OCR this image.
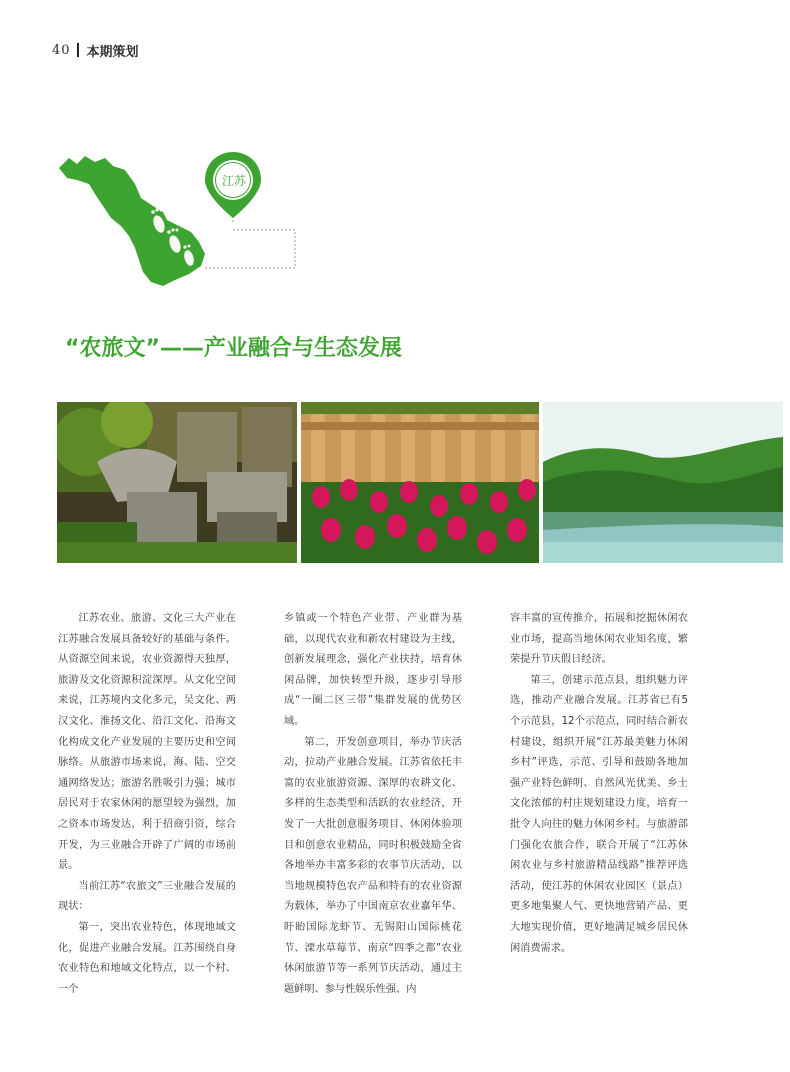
40 本期策划
江苏
“农旅文”——产业融合与生态发展

江苏农业、旅游、文化三大产业在江苏融合发展具备较好的基础与条件。从资源空间来说，农业资源得天独厚，旅游及文化资源积淀深厚。从文化空间来说，江苏境内文化多元，吴文化、两汉文化、淮扬文化、沿江文化、沿海文化构成文化产业发展的主要历史和空间脉络。从旅游市场来说，海、陆、空交通网络发达；旅游名胜吸引力强；城市居民对于农家休闲的愿望较为强烈，加之资本市场发达，利于招商引资，综合开发，为三业融合开辟了广阔的市场前景。

当前江苏“农旅文”三业融合发展的现状：

第一，突出农业特色，体现地域文化，促进产业融合发展。江苏围绕自身农业特色和地域文化特点，以一个村、一个

乡镇或一个特色产业带、产业群为基础，以现代农业和新农村建设为主线，创新发展理念，强化产业扶持，培育休闲品牌，加快转型升级，逐步引导形成“一圈二区三带”集群发展的优势区域。

第二，开发创意项目，举办节庆活动，拉动产业融合发展。江苏省依托丰富的农业旅游资源、深厚的农耕文化、多样的生态类型和活跃的农业经济，开发了一大批创意服务项目、休闲体验项目和创意农业精品，同时积极鼓励全省各地举办丰富多彩的农事节庆活动，以当地规模特色农产品和特有的农业资源为载体，举办了中国南京农业嘉年华、盱眙国际龙虾节、无锡阳山国际桃花节、溧水草莓节、南京“四季之都”农业休闲旅游节等一系列节庆活动，通过主题鲜明、参与性娱乐性强、内

容丰富的宣传推介，拓展和挖掘休闲农业市场，提高当地休闲农业知名度，繁荣提升节庆假日经济。

第三，创建示范点县，组织魅力评选，推动产业融合发展。江苏省已有5个示范县，12个示范点，同时结合新农村建设，组织开展“江苏最美魅力休闲乡村”评选，示范、引导和鼓励各地加强产业特色鲜明、自然风光优美、乡土文化浓郁的村庄规划建设力度，培育一批令人向往的魅力休闲乡村。与旅游部门强化农旅合作，联合开展了“江苏休闲农业与乡村旅游精品线路”推荐评选活动，使江苏的休闲农业园区（景点）更多地集聚人气、更快地营销产品、更大地实现价值，更好地满足城乡居民休闲消费需求。
